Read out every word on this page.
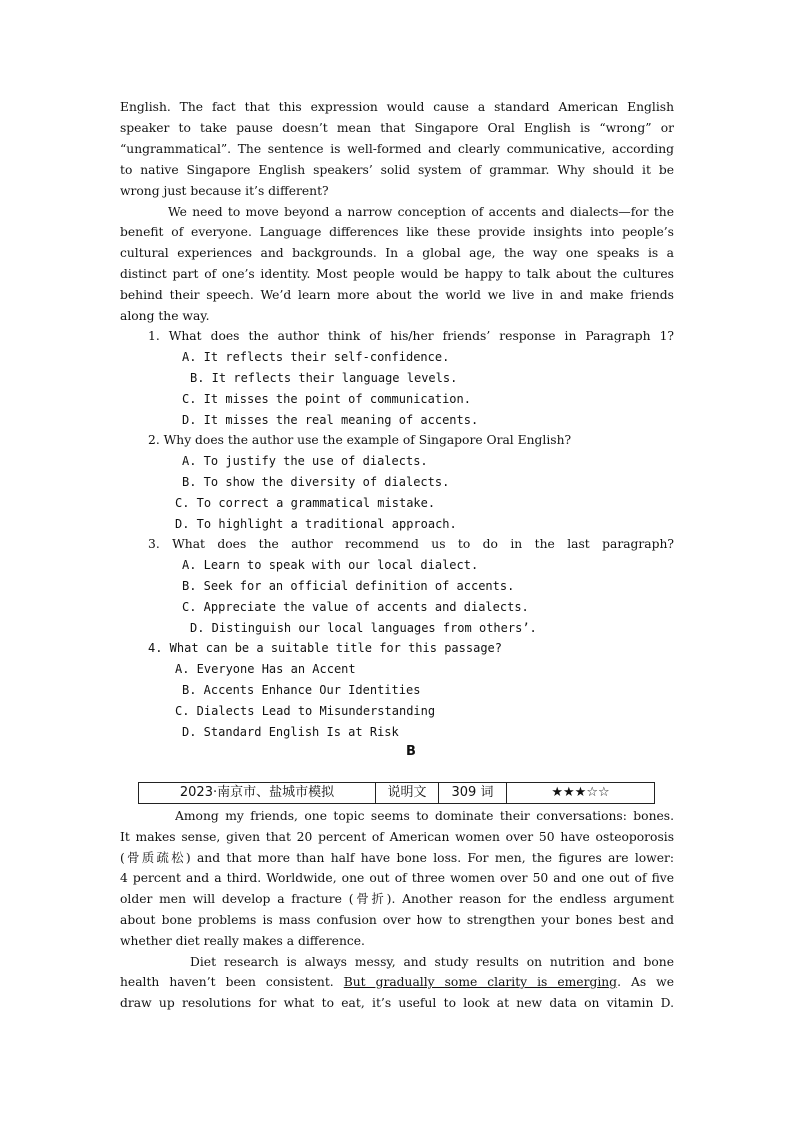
English. The fact that this expression would cause a standard American English
speaker to take pause doesn’t mean that Singapore Oral English is “wrong” or
“ungrammatical”. The sentence is well-formed and clearly communicative, according
to native Singapore English speakers’ solid system of grammar. Why should it be
wrong just because it’s different?
We need to move beyond a narrow conception of accents and dialects—for the
benefit of everyone. Language differences like these provide insights into people’s
cultural experiences and backgrounds. In a global age, the way one speaks is a
distinct part of one’s identity. Most people would be happy to talk about the cultures
behind their speech. We’d learn more about the world we live in and make friends
along the way.
1. What does the author think of his/her friends’ response in Paragraph 1?
A. It reflects their self-confidence.
B. It reflects their language levels.
C. It misses the point of communication.
D. It misses the real meaning of accents.
2. Why does the author use the example of Singapore Oral English?
A. To justify the use of dialects.
B. To show the diversity of dialects.
C. To correct a grammatical mistake.
D. To highlight a traditional approach.
3. What does the author recommend us to do in the last paragraph?
A. Learn to speak with our local dialect.
B. Seek for an official definition of accents.
C. Appreciate the value of accents and dialects.
D. Distinguish our local languages from others’.
4. What can be a suitable title for this passage?
A. Everyone Has an Accent
B. Accents Enhance Our Identities
C. Dialects Lead to Misunderstanding
D. Standard English Is at Risk
B
2023·南京市、盐城市模拟	说明文	309 词	★★★☆☆
Among my friends, one topic seems to dominate their conversations: bones.
It makes sense, given that 20 percent of American women over 50 have osteoporosis
(骨质疏松) and that more than half have bone loss. For men, the figures are lower:
4 percent and a third. Worldwide, one out of three women over 50 and one out of five
older men will develop a fracture (骨折). Another reason for the endless argument
about bone problems is mass confusion over how to strengthen your bones best and
whether diet really makes a difference.
Diet research is always messy, and study results on nutrition and bone
health haven’t been consistent. But gradually some clarity is emerging. As we
draw up resolutions for what to eat, it’s useful to look at new data on vitamin D.
